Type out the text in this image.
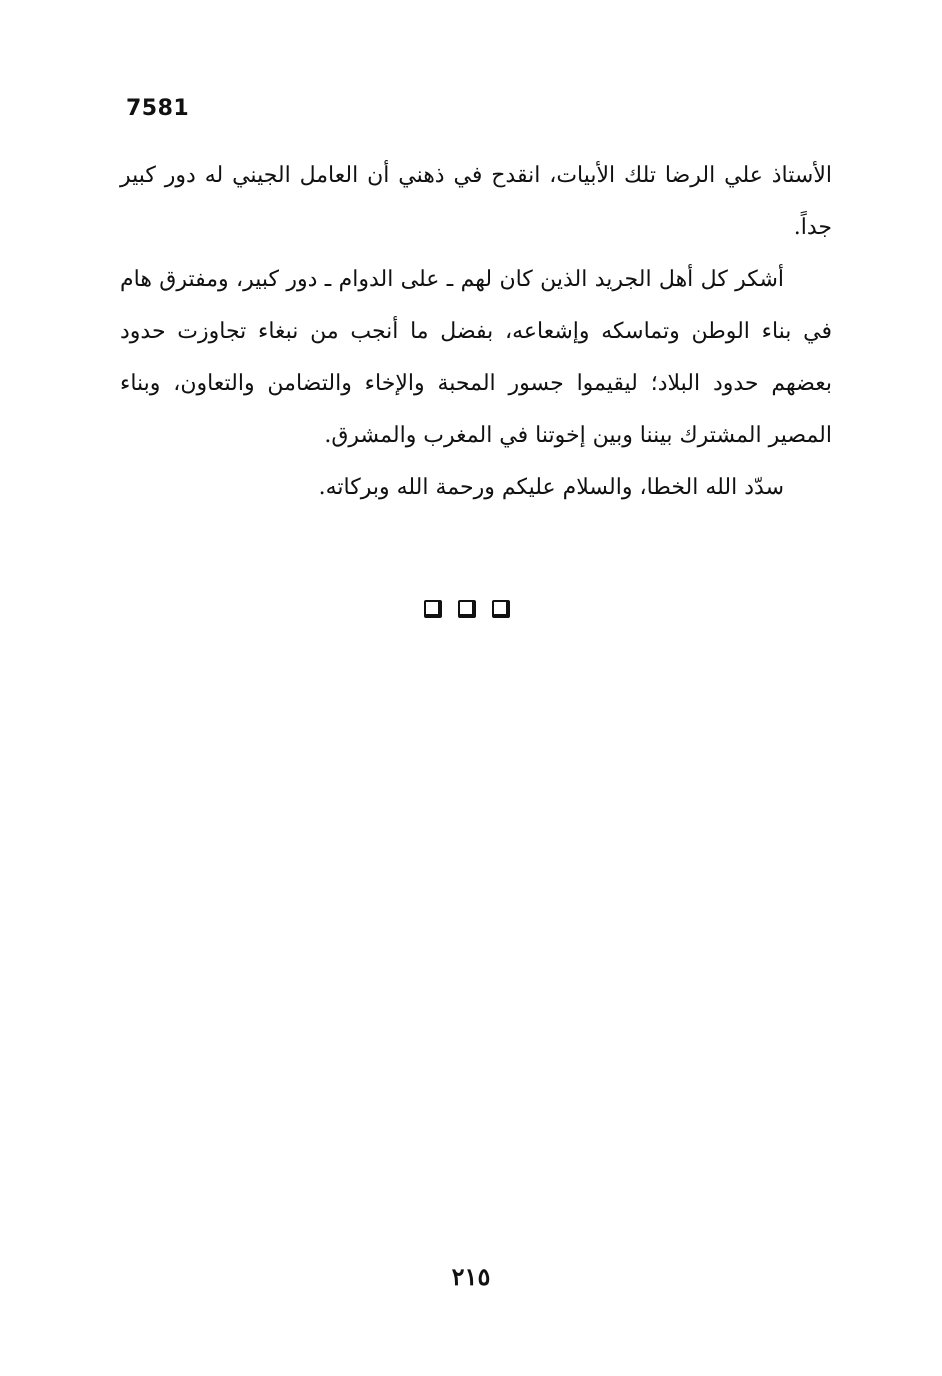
7581

الأستاذ علي الرضا تلك الأبيات، انقدح في ذهني أن العامل الجيني له دور كبير جداً.

أشكر كل أهل الجريد الذين كان لهم ـ على الدوام ـ دور كبير، ومفترق هام في بناء الوطن وتماسكه وإشعاعه، بفضل ما أنجب من نبغاء تجاوزت حدود بعضهم حدود البلاد؛ ليقيموا جسور المحبة والإخاء والتضامن والتعاون، وبناء المصير المشترك بيننا وبين إخوتنا في المغرب والمشرق.

سدّد الله الخطا، والسلام عليكم ورحمة الله وبركاته.

٢١٥
